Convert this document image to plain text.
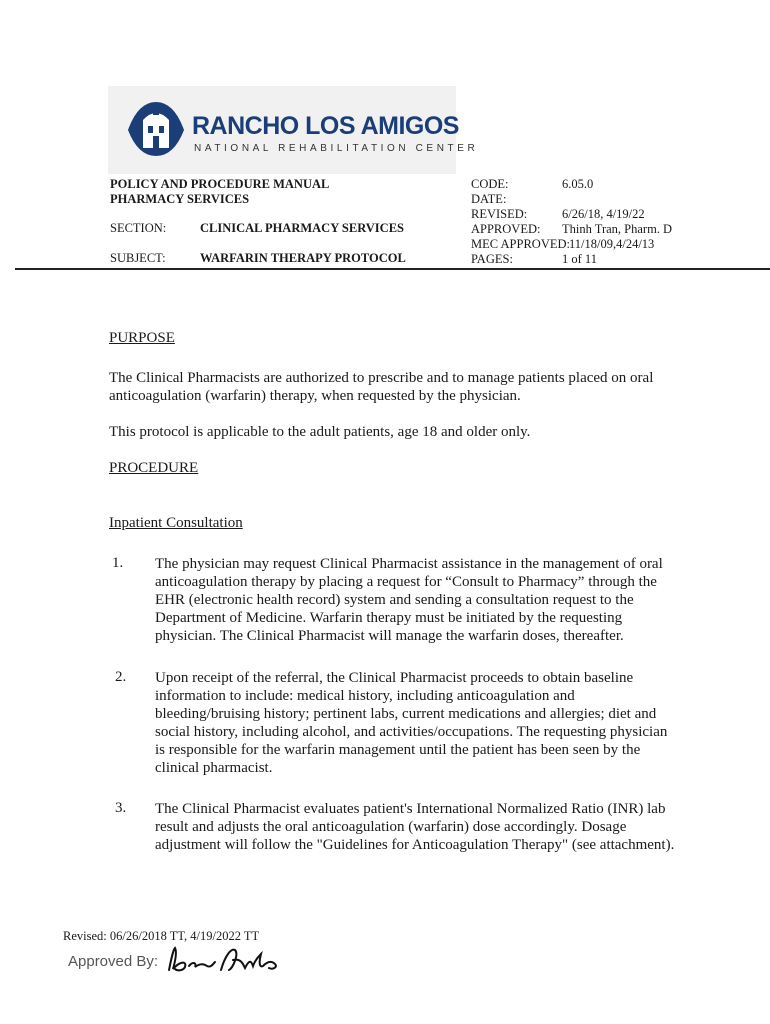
RANCHO LOS AMIGOS
NATIONAL REHABILITATION CENTER
POLICY AND PROCEDURE MANUAL
PHARMACY SERVICES
SECTION:	CLINICAL PHARMACY SERVICES
SUBJECT:	WARFARIN THERAPY PROTOCOL
CODE:	6.05.0
DATE:
REVISED:	6/26/18, 4/19/22
APPROVED: Thinh Tran, Pharm. D
MEC APPROVED: 11/18/09,4/24/13
PAGES:	1 of 11
PURPOSE
The Clinical Pharmacists are authorized to prescribe and to manage patients placed on oral anticoagulation (warfarin) therapy, when requested by the physician.
This protocol is applicable to the adult patients, age 18 and older only.
PROCEDURE
Inpatient Consultation
1. The physician may request Clinical Pharmacist assistance in the management of oral anticoagulation therapy by placing a request for “Consult to Pharmacy” through the EHR (electronic health record) system and sending a consultation request to the Department of Medicine. Warfarin therapy must be initiated by the requesting physician. The Clinical Pharmacist will manage the warfarin doses, thereafter.
2. Upon receipt of the referral, the Clinical Pharmacist proceeds to obtain baseline information to include: medical history, including anticoagulation and bleeding/bruising history; pertinent labs, current medications and allergies; diet and social history, including alcohol, and activities/occupations. The requesting physician is responsible for the warfarin management until the patient has been seen by the clinical pharmacist.
3. The Clinical Pharmacist evaluates patient's International Normalized Ratio (INR) lab result and adjusts the oral anticoagulation (warfarin) dose accordingly. Dosage adjustment will follow the "Guidelines for Anticoagulation Therapy" (see attachment).
Revised: 06/26/2018 TT, 4/19/2022 TT
Approved By:
